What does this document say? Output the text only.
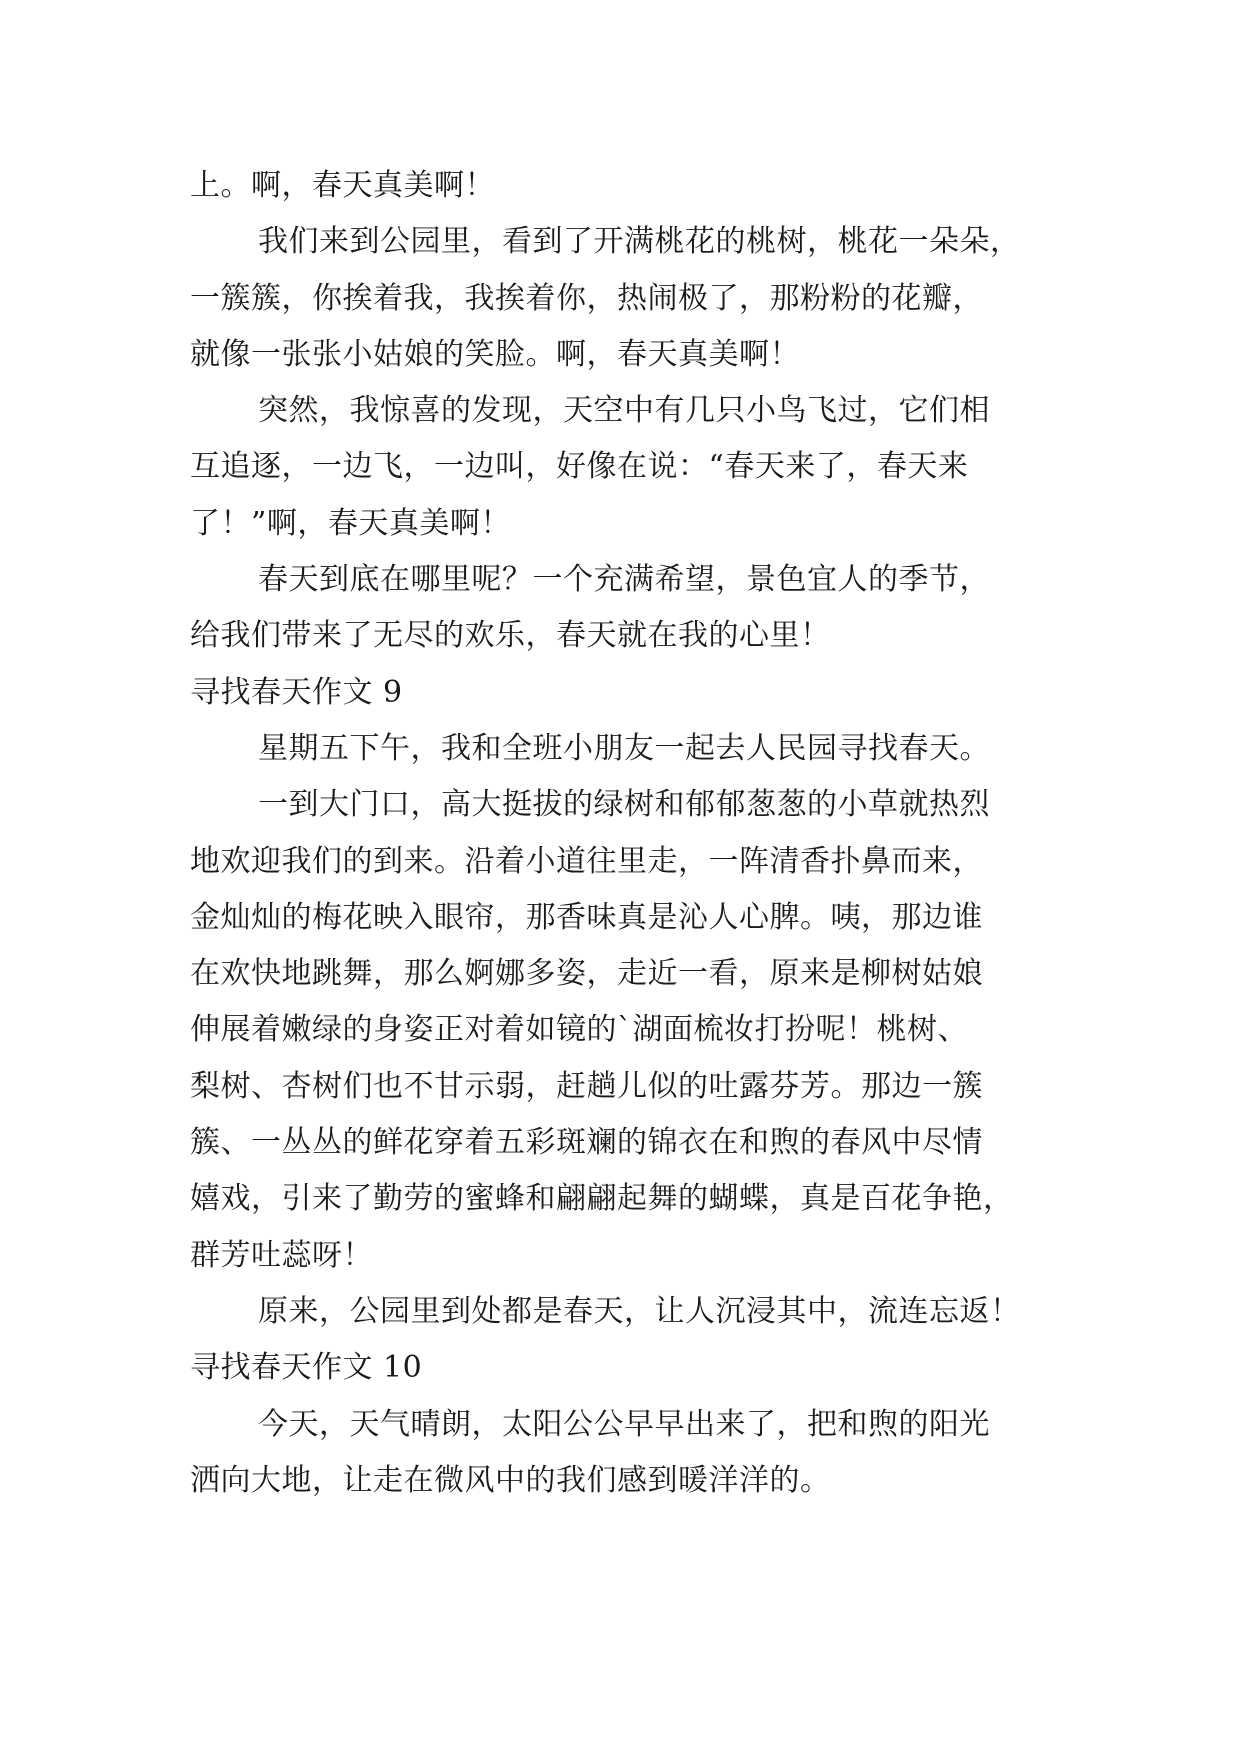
上。啊，春天真美啊！
我们来到公园里，看到了开满桃花的桃树，桃花一朵朵，
一簇簇，你挨着我，我挨着你，热闹极了，那粉粉的花瓣，
就像一张张小姑娘的笑脸。啊，春天真美啊！
突然，我惊喜的发现，天空中有几只小鸟飞过，它们相
互追逐，一边飞，一边叫，好像在说：“春天来了，春天来
了！”啊，春天真美啊！
春天到底在哪里呢？一个充满希望，景色宜人的季节，
给我们带来了无尽的欢乐，春天就在我的心里！
寻找春天作文 9
星期五下午，我和全班小朋友一起去人民园寻找春天。
一到大门口，高大挺拔的绿树和郁郁葱葱的小草就热烈
地欢迎我们的到来。沿着小道往里走，一阵清香扑鼻而来，
金灿灿的梅花映入眼帘，那香味真是沁人心脾。咦，那边谁
在欢快地跳舞，那么婀娜多姿，走近一看，原来是柳树姑娘
伸展着嫩绿的身姿正对着如镜的`湖面梳妆打扮呢！桃树、
梨树、杏树们也不甘示弱，赶趟儿似的吐露芬芳。那边一簇
簇、一丛丛的鲜花穿着五彩斑斓的锦衣在和煦的春风中尽情
嬉戏，引来了勤劳的蜜蜂和翩翩起舞的蝴蝶，真是百花争艳，
群芳吐蕊呀！
原来，公园里到处都是春天，让人沉浸其中，流连忘返！
寻找春天作文 10
今天，天气晴朗，太阳公公早早出来了，把和煦的阳光
洒向大地，让走在微风中的我们感到暖洋洋的。
